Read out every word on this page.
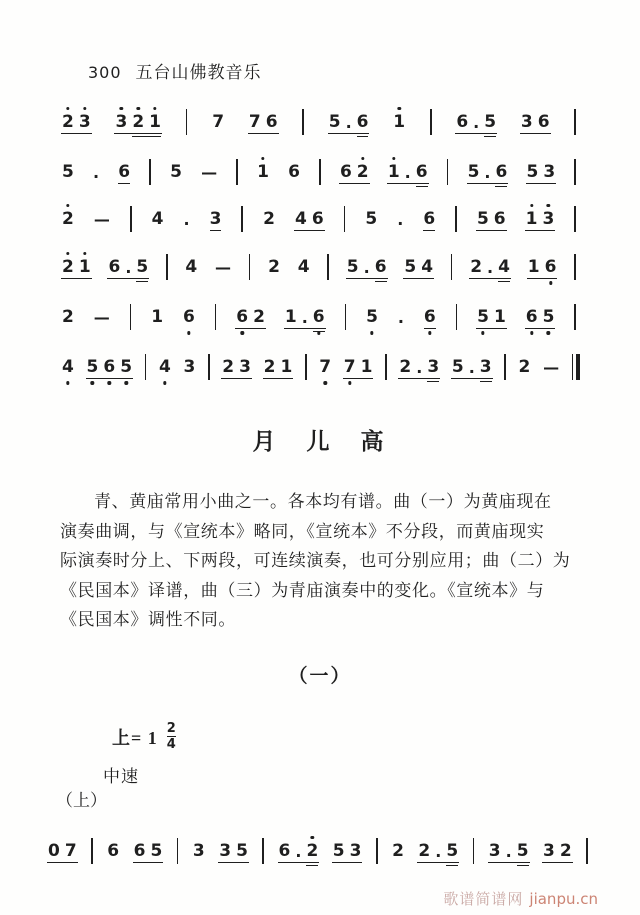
300 五台山佛教音乐
2 3 3 2 1	7 7 6	5 . 6 1	6 . 5 3 6
5 . 6 5 — 1 6 6 2 1 . 6 5 . 6 5 3
2 — 4 . 3 2 4 6 5 . 6 5 6 1 3
2 1 6 . 5 4 — 2 4 5 . 6 5 4 2 . 4 1 6
2 — 1 6 6 2 1 . 6 5 . 6 5 1 6 5
4 5 6 5 4 3 2 3 2 1 7 7 1 2 . 3 5 . 3 2 —
月　儿　高
青、黄庙常用小曲之一。各本均有谱。曲（一）为黄庙现在
演奏曲调，与《宣统本》略同，《宣统本》不分段，而黄庙现实
际演奏时分上、下两段，可连续演奏，也可分别应用；曲（二）为
《民国本》译谱，曲（三）为青庙演奏中的变化。《宣统本》与
《民国本》调性不同。
（一）
上= $1 \frac{2}{4}$
中速
（上）
0 7 6 6 5 3 3 5 6 . 2 5 3 2 2 . 5 3 . 5 3 2
歌谱简谱网 jianpu.cn
